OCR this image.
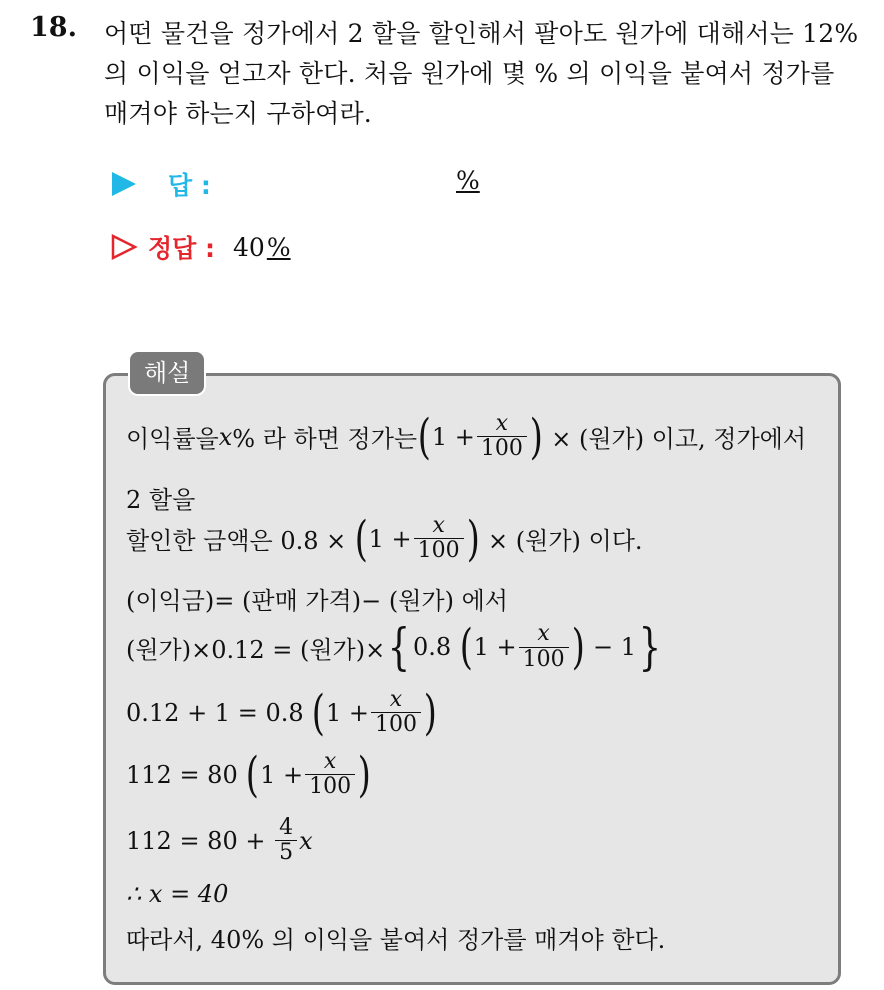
18. 어떤 물건을 정가에서 2 할을 할인해서 팔아도 원가에 대해서는 12%
의 이익을 얻고자 한다. 처음 원가에 몇 % 의 이익을 붙여서 정가를
매겨야 하는지 구하여라.
답 :	%
정답 : 40 %
해설
이익률을 x % 라 하면 정가는 ( $1 + \frac{x}{100}$ )
× (원가) 이고, 정가에서
2 할을
할인한 금액은 0.8 ×
( $1 + \frac{x}{100}$ )
× (원가) 이다.
(이익금)= (판매 가격)− (원가) 에서
(원가)×0.12 = (원가)× { 0.8
( $1 + \frac{x}{100}$ )
− 1 }
0.12 + 1 = 0.8
( $1 + \frac{x}{100}$ )
112 = 80
( $1 + \frac{x}{100}$ )
112 = 80 +
$\frac{4}{5}$ x
∴ x = 40
따라서, 40% 의 이익을 붙여서 정가를 매겨야 한다.
